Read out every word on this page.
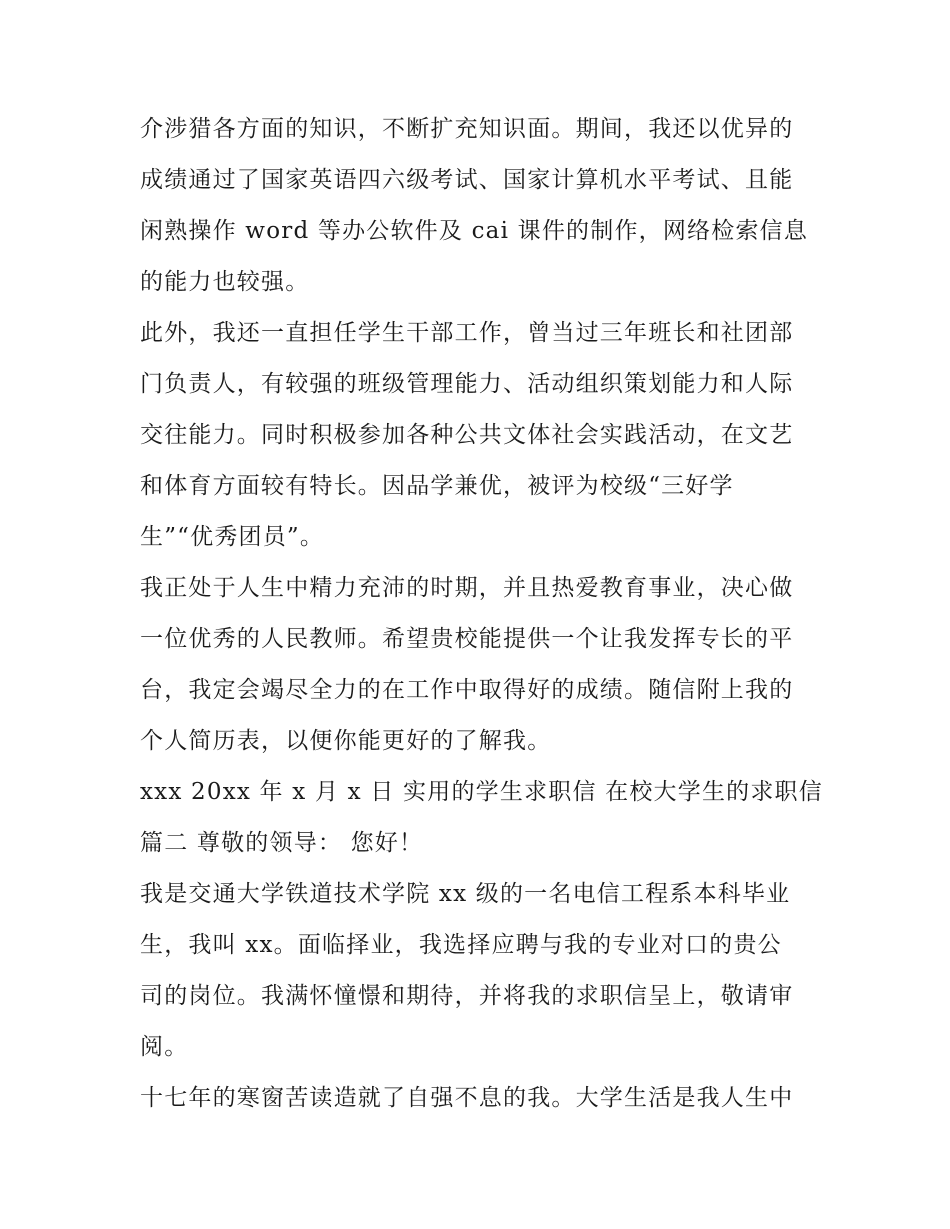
介涉猎各方面的知识，不断扩充知识面。期间，我还以优异的
成绩通过了国家英语四六级考试、国家计算机水平考试、且能
闲熟操作 word 等办公软件及 cai 课件的制作，网络检索信息
的能力也较强。
此外，我还一直担任学生干部工作，曾当过三年班长和社团部
门负责人，有较强的班级管理能力、活动组织策划能力和人际
交往能力。同时积极参加各种公共文体社会实践活动，在文艺
和体育方面较有特长。因品学兼优，被评为校级“三好学
生”“优秀团员”。
我正处于人生中精力充沛的时期，并且热爱教育事业，决心做
一位优秀的人民教师。希望贵校能提供一个让我发挥专长的平
台，我定会竭尽全力的在工作中取得好的成绩。随信附上我的
个人简历表，以便你能更好的了解我。
xxx 20xx 年 x 月 x 日 实用的学生求职信 在校大学生的求职信
篇二 尊敬的领导： 您好！
我是交通大学铁道技术学院 xx 级的一名电信工程系本科毕业
生，我叫 xx。面临择业，我选择应聘与我的专业对口的贵公
司的岗位。我满怀憧憬和期待，并将我的求职信呈上，敬请审
阅。
十七年的寒窗苦读造就了自强不息的我。大学生活是我人生中
